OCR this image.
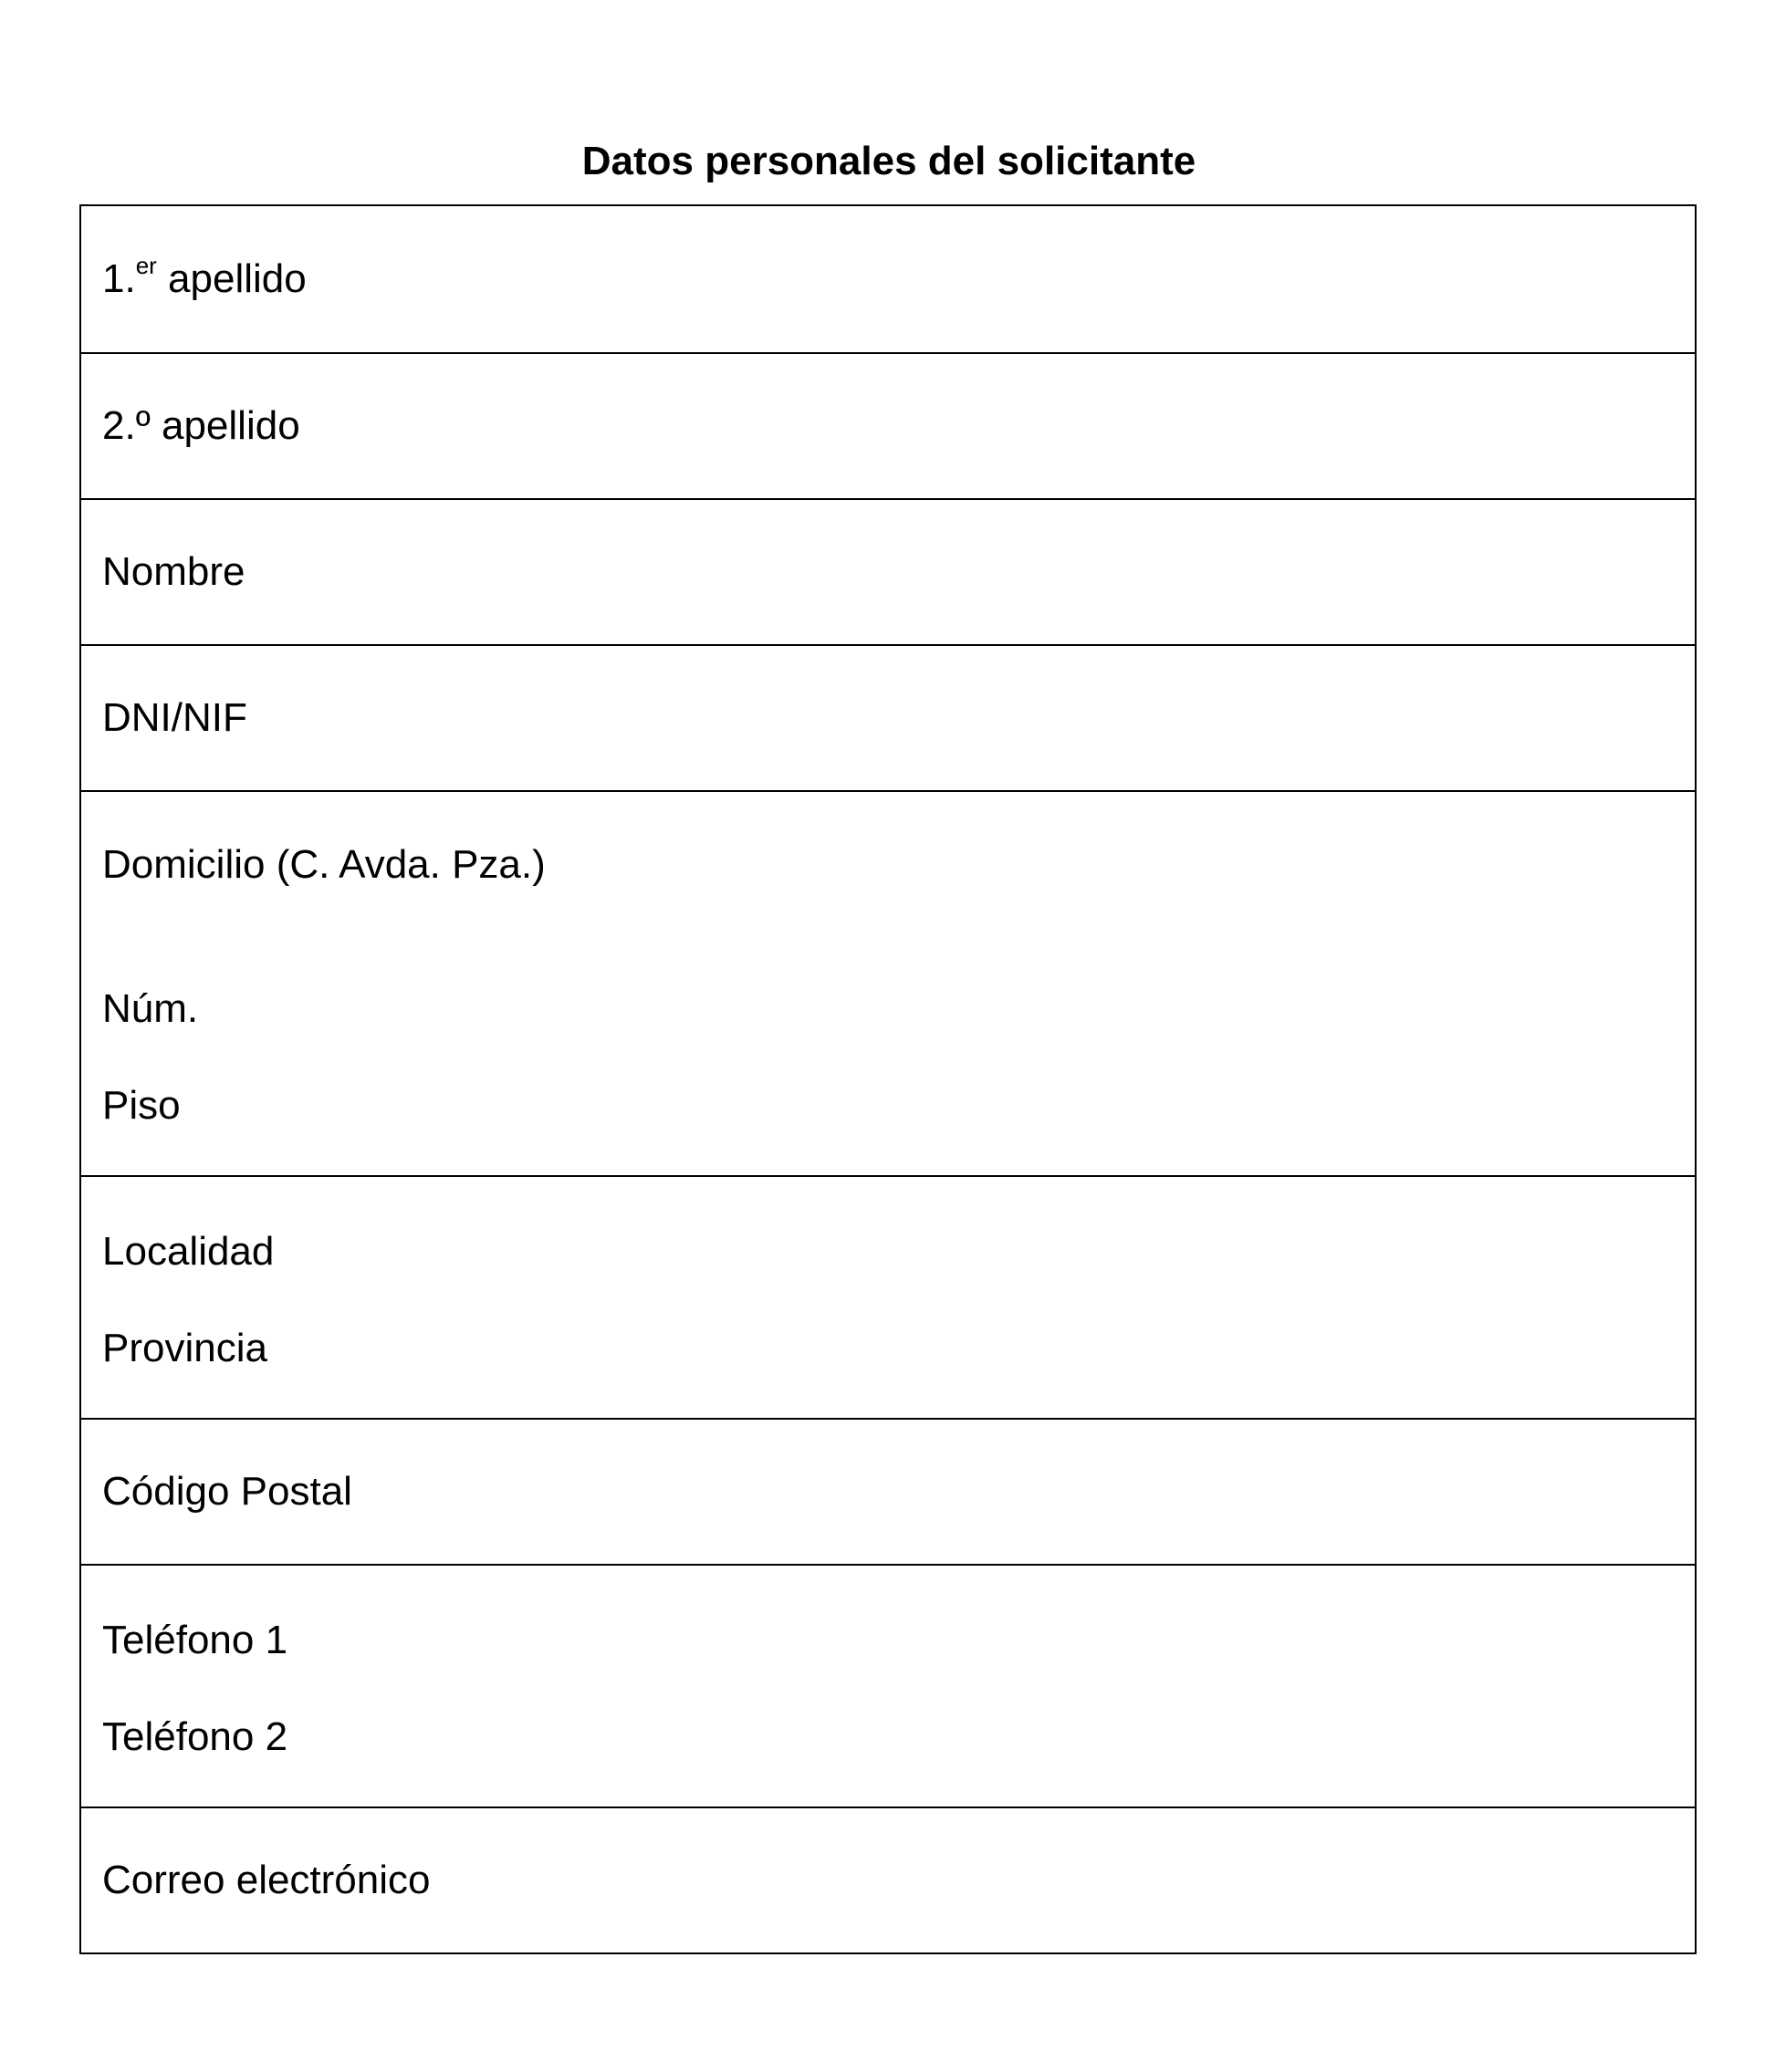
Datos personales del solicitante
1.$^{er}$ apellido
2.º apellido
Nombre
DNI/NIF
Domicilio (C. Avda. Pza.)
Núm.
Piso
Localidad
Provincia
Código Postal
Teléfono 1
Teléfono 2
Correo electrónico
